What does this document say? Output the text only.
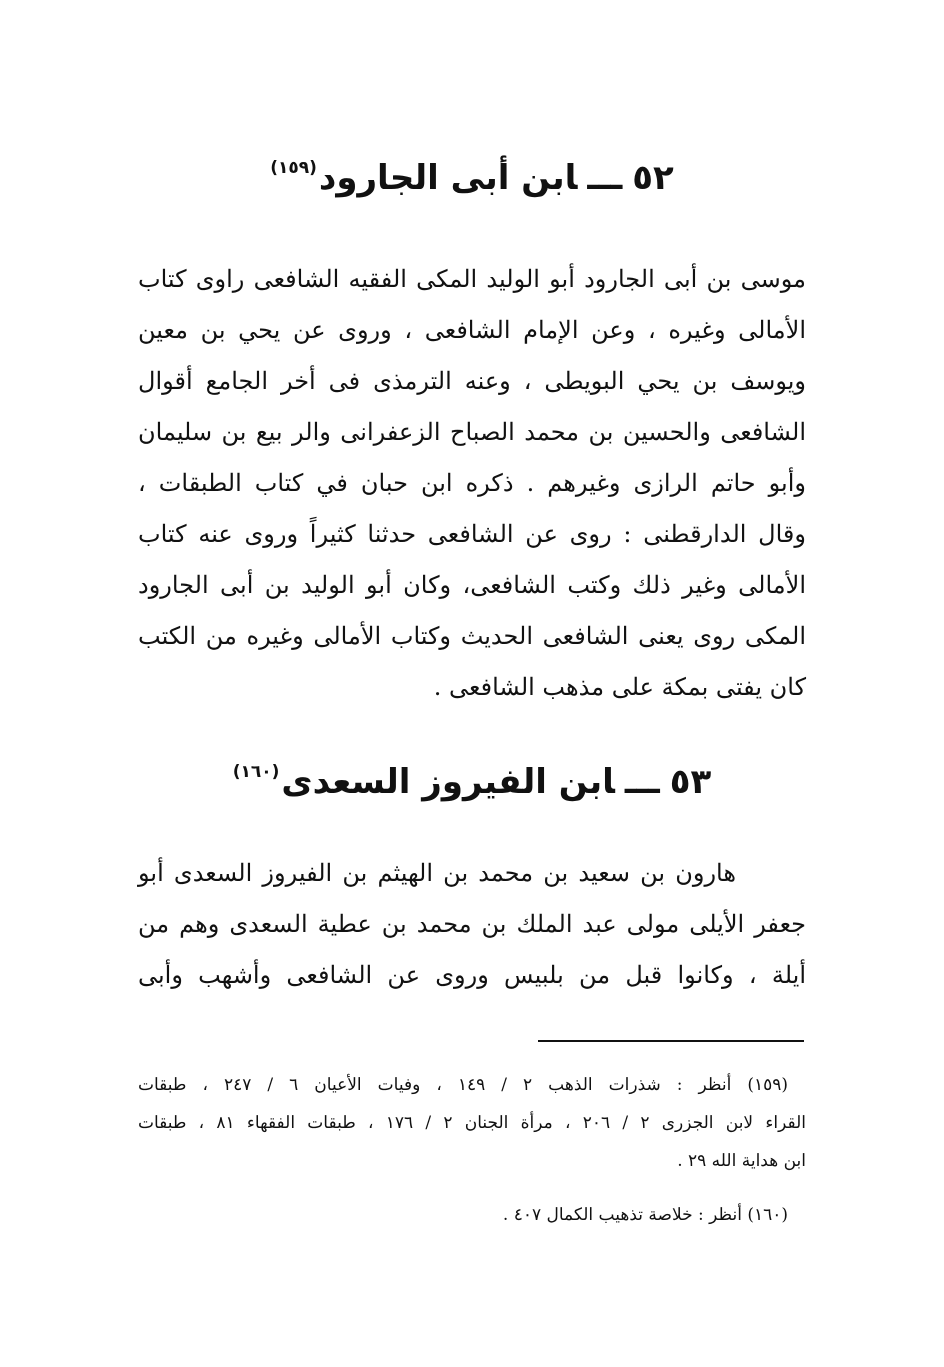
٥٢ـــابن أبى الجارود$^{(١٥٩)}$
موسى بن أبى الجارود أبو الوليد المكى الفقيه الشافعى راوى كتاب
الأمالى وغيره ، وعن الإمام الشافعى ، وروى عن يحي بن معين
ويوسف بن يحي البويطى ، وعنه الترمذى فى أخر الجامع أقوال
الشافعى والحسين بن محمد الصباح الزعفرانى والر بيع بن سليمان
وأبو حاتم الرازى وغيرهم . ذكره ابن حبان في كتاب الطبقات ،
وقال الدارقطنى : روى عن الشافعى حدثنا كثيراً وروى عنه كتاب
الأمالى وغير ذلك وكتب الشافعى، وكان أبو الوليد بن أبى الجارود
المكى روى يعنى الشافعى الحديث وكتاب الأمالى وغيره من الكتب
كان يفتى بمكة على مذهب الشافعى .
٥٣ـــابن الفيروز السعدى$^{(١٦٠)}$
هارون بن سعيد بن محمد بن الهيثم بن الفيروز السعدى أبو
جعفر الأيلى مولى عبد الملك بن محمد بن عطية السعدى وهم من
أيلة ، وكانوا قبل من بلبيس وروى عن الشافعى وأشهب وأبى
(١٥٩) أنظر : شذرات الذهب ٢ / ١٤٩ ، وفيات الأعيان ٦ / ٢٤٧ ، طبقات
القراء لابن الجزرى ٢ / ٢٠٦ ، مرأة الجنان ٢ / ١٧٦ ، طبقات الفقهاء ٨١ ، طبقات
ابن هداية الله ٢٩ .
(١٦٠) أنظر : خلاصة تذهيب الكمال ٤٠٧ .
